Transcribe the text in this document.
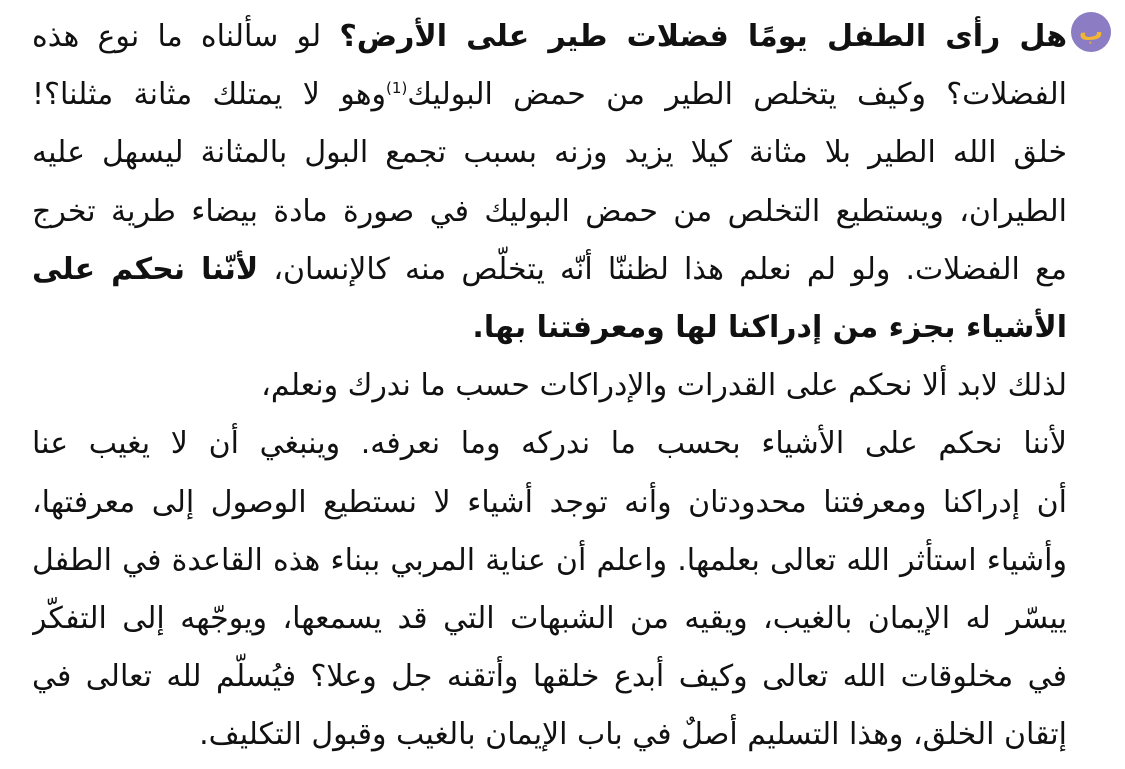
ب
هل رأى الطفل يومًا فضلات طير على الأرض؟ لو سألناه ما نوع هذه
الفضلات؟ وكيف يتخلص الطير من حمض البوليك$^{(1)}$وهو لا يمتلك مثانة مثلنا؟!
خلق الله الطير بلا مثانة كيلا يزيد وزنه بسبب تجمع البول بالمثانة ليسهل عليه
الطيران، ويستطيع التخلص من حمض البوليك في صورة مادة بيضاء طرية تخرج
مع الفضلات. ولو لم نعلم هذا لظننّا أنّه يتخلّص منه كالإنسان، لأنّنا نحكم على
الأشياء بجزء من إدراكنا لها ومعرفتنا بها.
لذلك لابد ألا نحكم على القدرات والإدراكات حسب ما ندرك ونعلم،
لأننا نحكم على الأشياء بحسب ما ندركه وما نعرفه. وينبغي أن لا يغيب عنا
أن إدراكنا ومعرفتنا محدودتان وأنه توجد أشياء لا نستطيع الوصول إلى معرفتها،
وأشياء استأثر الله تعالى بعلمها. واعلم أن عناية المربي ببناء هذه القاعدة في الطفل
ييسّر له الإيمان بالغيب، ويقيه من الشبهات التي قد يسمعها، ويوجّهه إلى التفكّر
في مخلوقات الله تعالى وكيف أبدع خلقها وأتقنه جل وعلا؟ فيُسلّم لله تعالى في
إتقان الخلق، وهذا التسليم أصلٌ في باب الإيمان بالغيب وقبول التكليف.
